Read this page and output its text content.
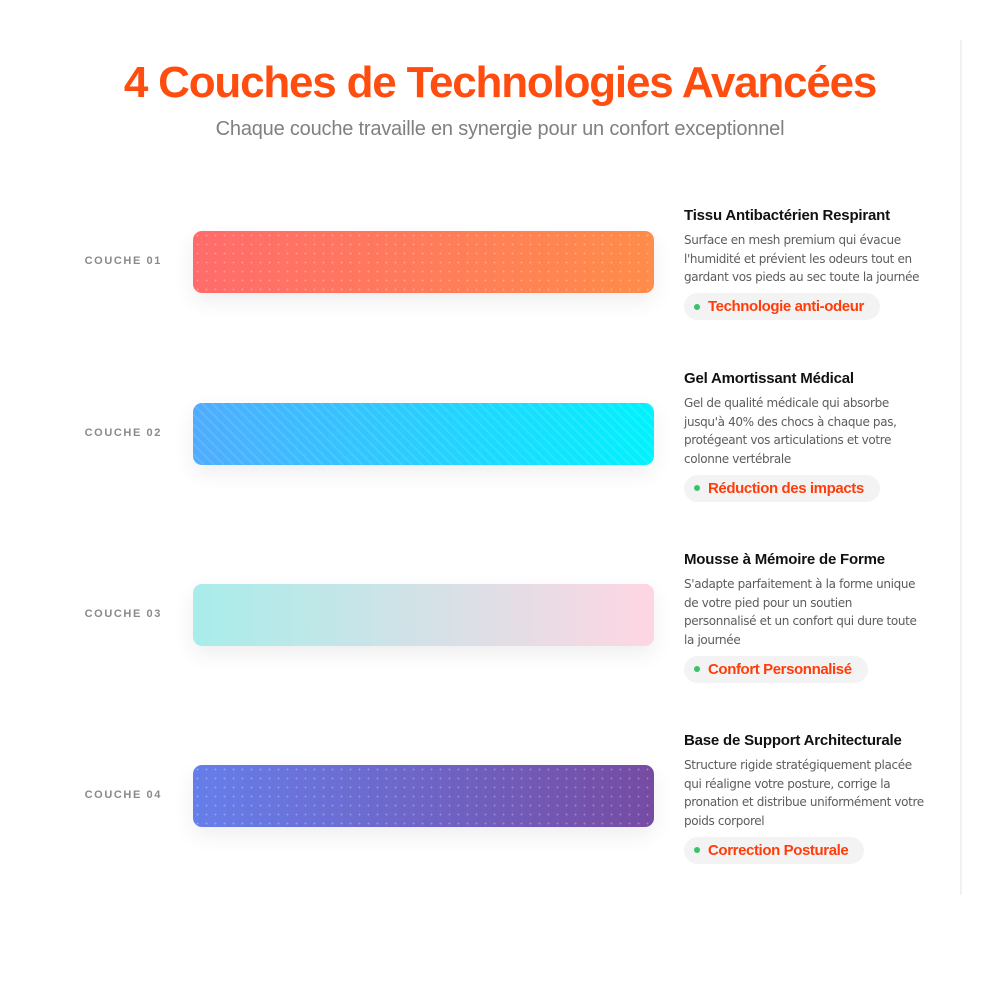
4 Couches de Technologies Avancées

Chaque couche travaille en synergie pour un confort exceptionnel

COUCHE 01
Tissu Antibactérien Respirant
Surface en mesh premium qui évacue l'humidité et prévient les odeurs tout en gardant vos pieds au sec toute la journée
Technologie anti-odeur
COUCHE 02
Gel Amortissant Médical
Gel de qualité médicale qui absorbe jusqu'à 40% des chocs à chaque pas, protégeant vos articulations et votre colonne vertébrale
Réduction des impacts
COUCHE 03
Mousse à Mémoire de Forme
S'adapte parfaitement à la forme unique de votre pied pour un soutien personnalisé et un confort qui dure toute la journée
Confort Personnalisé
COUCHE 04
Base de Support Architecturale
Structure rigide stratégiquement placée qui réaligne votre posture, corrige la pronation et distribue uniformément votre poids corporel
Correction Posturale
